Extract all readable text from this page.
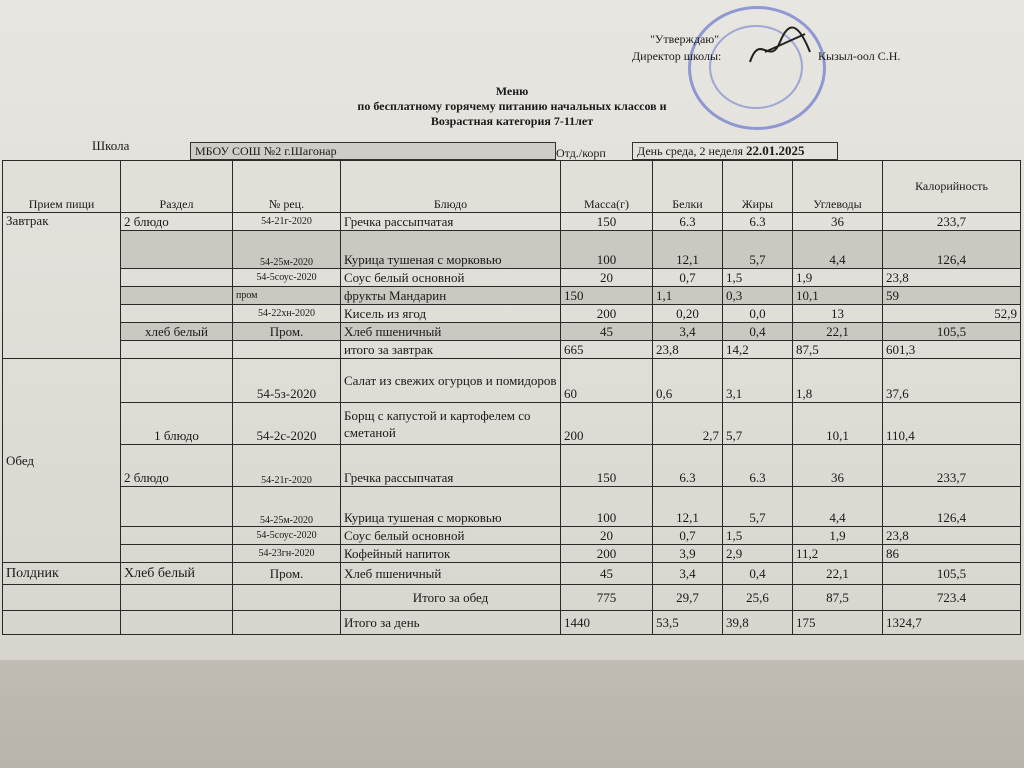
"Утверждаю"
Директор школы:	Кызыл-оол С.Н.
Меню
по бесплатному горячему питанию начальных классов и
Возрастная категория 7-11лет
Школа	МБОУ СОШ №2 г.Шагонар	Отд./корп	День среда, 2 неделя 22.01.2025
Прием пищи	Раздел	№ рец.	Блюдо	Масса(г)	Белки	Жиры	Углеводы	Калорийность
Завтрак	2 блюдо	54-21г-2020	Гречка рассыпчатая	150	6.3	6.3	36	233,7
		54-25м-2020	Курица тушеная с морковью	100	12,1	5,7	4,4	126,4
		54-5соус-2020	Соус белый основной	20	0,7	1,5	1,9	23,8
		пром	фрукты Мандарин	150	1,1	0,3	10,1	59
		54-22хн-2020	Кисель из ягод	200	0,20	0,0	13	52,9
	хлеб белый	Пром.	Хлеб пшеничный	45	3,4	0,4	22,1	105,5
			итого за завтрак	665	23,8	14,2	87,5	601,3
Обед		54-5з-2020	Салат из свежих огурцов и помидоров	60	0,6	3,1	1,8	37,6
	1 блюдо	54-2с-2020	Борщ с капустой и картофелем со сметаной	200	2,7	5,7	10,1	110,4
	2 блюдо	54-21г-2020	Гречка рассыпчатая	150	6.3	6.3	36	233,7
		54-25м-2020	Курица тушеная с морковью	100	12,1	5,7	4,4	126,4
		54-5соус-2020	Соус белый основной	20	0,7	1,5	1,9	23,8
		54-23гн-2020	Кофейный напиток	200	3,9	2,9	11,2	86
Полдник	Хлеб белый	Пром.	Хлеб пшеничный	45	3,4	0,4	22,1	105,5
			Итого за обед	775	29,7	25,6	87,5	723.4
			Итого за день	1440	53,5	39,8	175	1324,7
